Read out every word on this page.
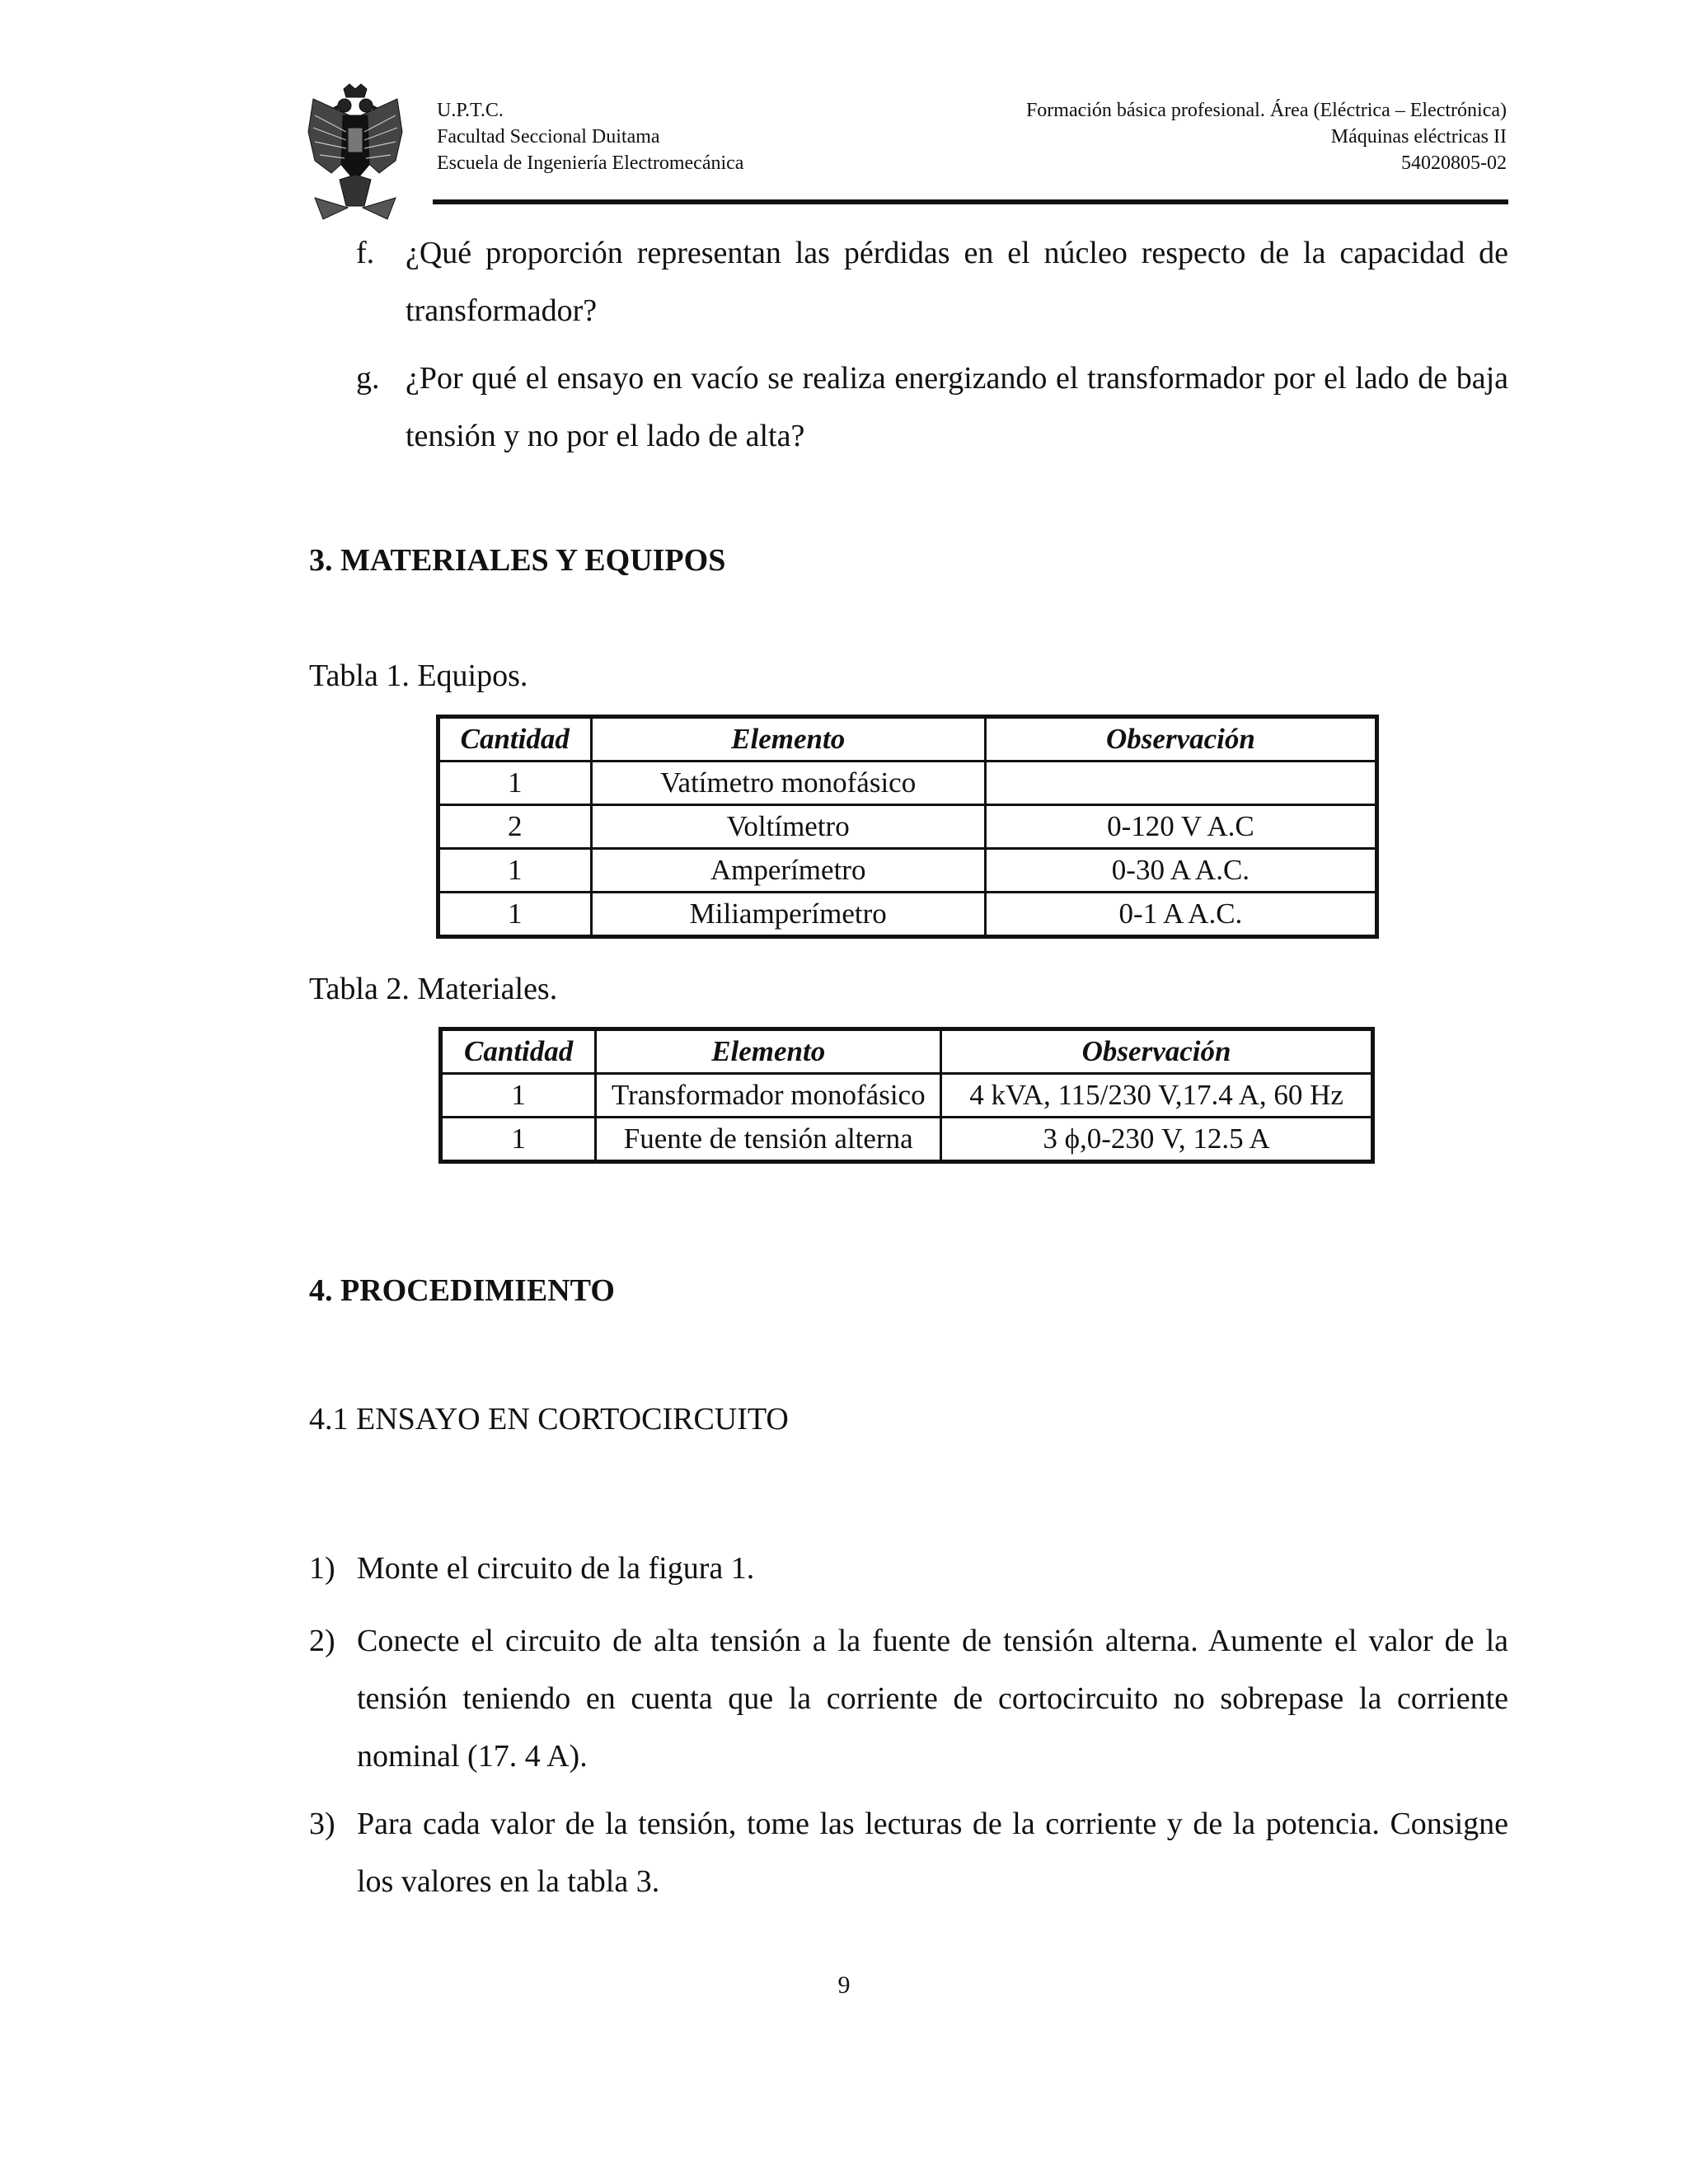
U.P.T.C.
Facultad Seccional Duitama
Escuela de Ingeniería Electromecánica
Formación básica profesional. Área (Eléctrica – Electrónica)
Máquinas eléctricas II
54020805-02
f. ¿Qué proporción representan las pérdidas en el núcleo respecto de la capacidad de transformador?
g. ¿Por qué el ensayo en vacío se realiza energizando el transformador por el lado de baja tensión y no por el lado de alta?
3. MATERIALES Y EQUIPOS
Tabla 1. Equipos.
Cantidad	Elemento	Observación
1	Vatímetro monofásico	
2	Voltímetro	0-120 V A.C
1	Amperímetro	0-30 A A.C.
1	Miliamperímetro	0-1 A A.C.
Tabla 2. Materiales.
Cantidad	Elemento	Observación
1	Transformador monofásico	4 kVA, 115/230 V,17.4 A, 60 Hz
1	Fuente de tensión alterna	3 ϕ,0-230 V, 12.5 A
4. PROCEDIMIENTO
4.1 ENSAYO EN CORTOCIRCUITO
1) Monte el circuito de la figura 1.
2) Conecte el circuito de alta tensión a la fuente de tensión alterna. Aumente el valor de la tensión teniendo en cuenta que la corriente de cortocircuito no sobrepase la corriente nominal (17. 4 A).
3) Para cada valor de la tensión, tome las lecturas de la corriente y de la potencia. Consigne los valores en la tabla 3.
9
